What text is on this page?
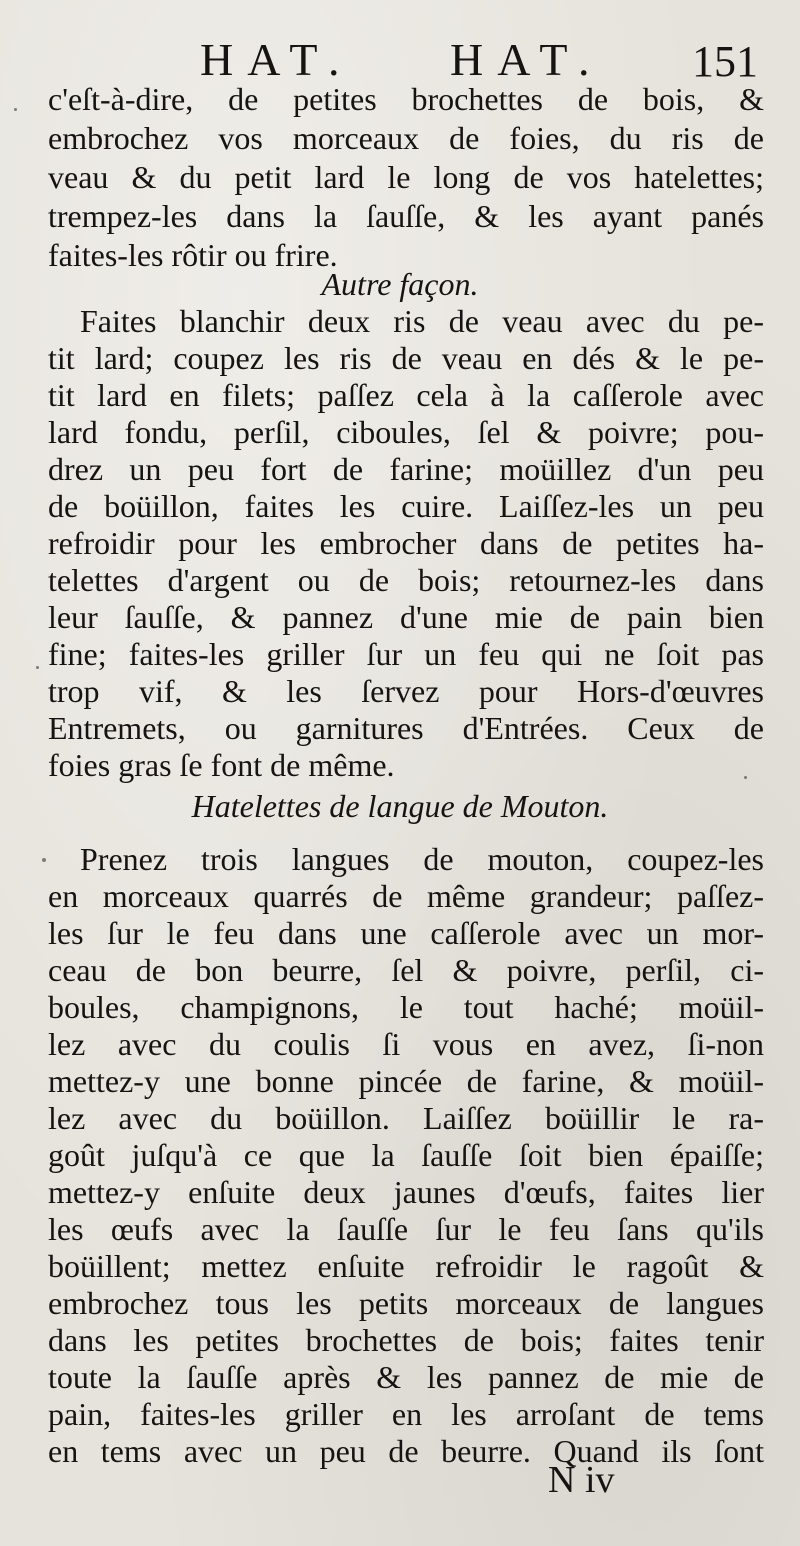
HAT. HAT. 151
c'eſt-à-dire, de petites brochettes de bois, &
embrochez vos morceaux de foies, du ris de
veau & du petit lard le long de vos hatelettes;
trempez-les dans la ſauſſe, & les ayant panés
faites-les rôtir ou frire.
Autre façon.
Faites blanchir deux ris de veau avec du pe-
tit lard; coupez les ris de veau en dés & le pe-
tit lard en filets; paſſez cela à la caſſerole avec
lard fondu, perſil, ciboules, ſel & poivre; pou-
drez un peu fort de farine; moüillez d'un peu
de boüillon, faites les cuire. Laiſſez-les un peu
refroidir pour les embrocher dans de petites ha-
telettes d'argent ou de bois; retournez-les dans
leur ſauſſe, & pannez d'une mie de pain bien
fine; faites-les griller ſur un feu qui ne ſoit pas
trop vif, & les ſervez pour Hors-d'œuvres
Entremets, ou garnitures d'Entrées. Ceux de
foies gras ſe font de même.
Hatelettes de langue de Mouton.
Prenez trois langues de mouton, coupez-les
en morceaux quarrés de même grandeur; paſſez-
les ſur le feu dans une caſſerole avec un mor-
ceau de bon beurre, ſel & poivre, perſil, ci-
boules, champignons, le tout haché; moüil-
lez avec du coulis ſi vous en avez, ſi-non
mettez-y une bonne pincée de farine, & moüil-
lez avec du boüillon. Laiſſez boüillir le ra-
goût juſqu'à ce que la ſauſſe ſoit bien épaiſſe;
mettez-y enſuite deux jaunes d'œufs, faites lier
les œufs avec la ſauſſe ſur le feu ſans qu'ils
boüillent; mettez enſuite refroidir le ragoût &
embrochez tous les petits morceaux de langues
dans les petites brochettes de bois; faites tenir
toute la ſauſſe après & les pannez de mie de
pain, faites-les griller en les arroſant de tems
en tems avec un peu de beurre. Quand ils ſont
N iv
